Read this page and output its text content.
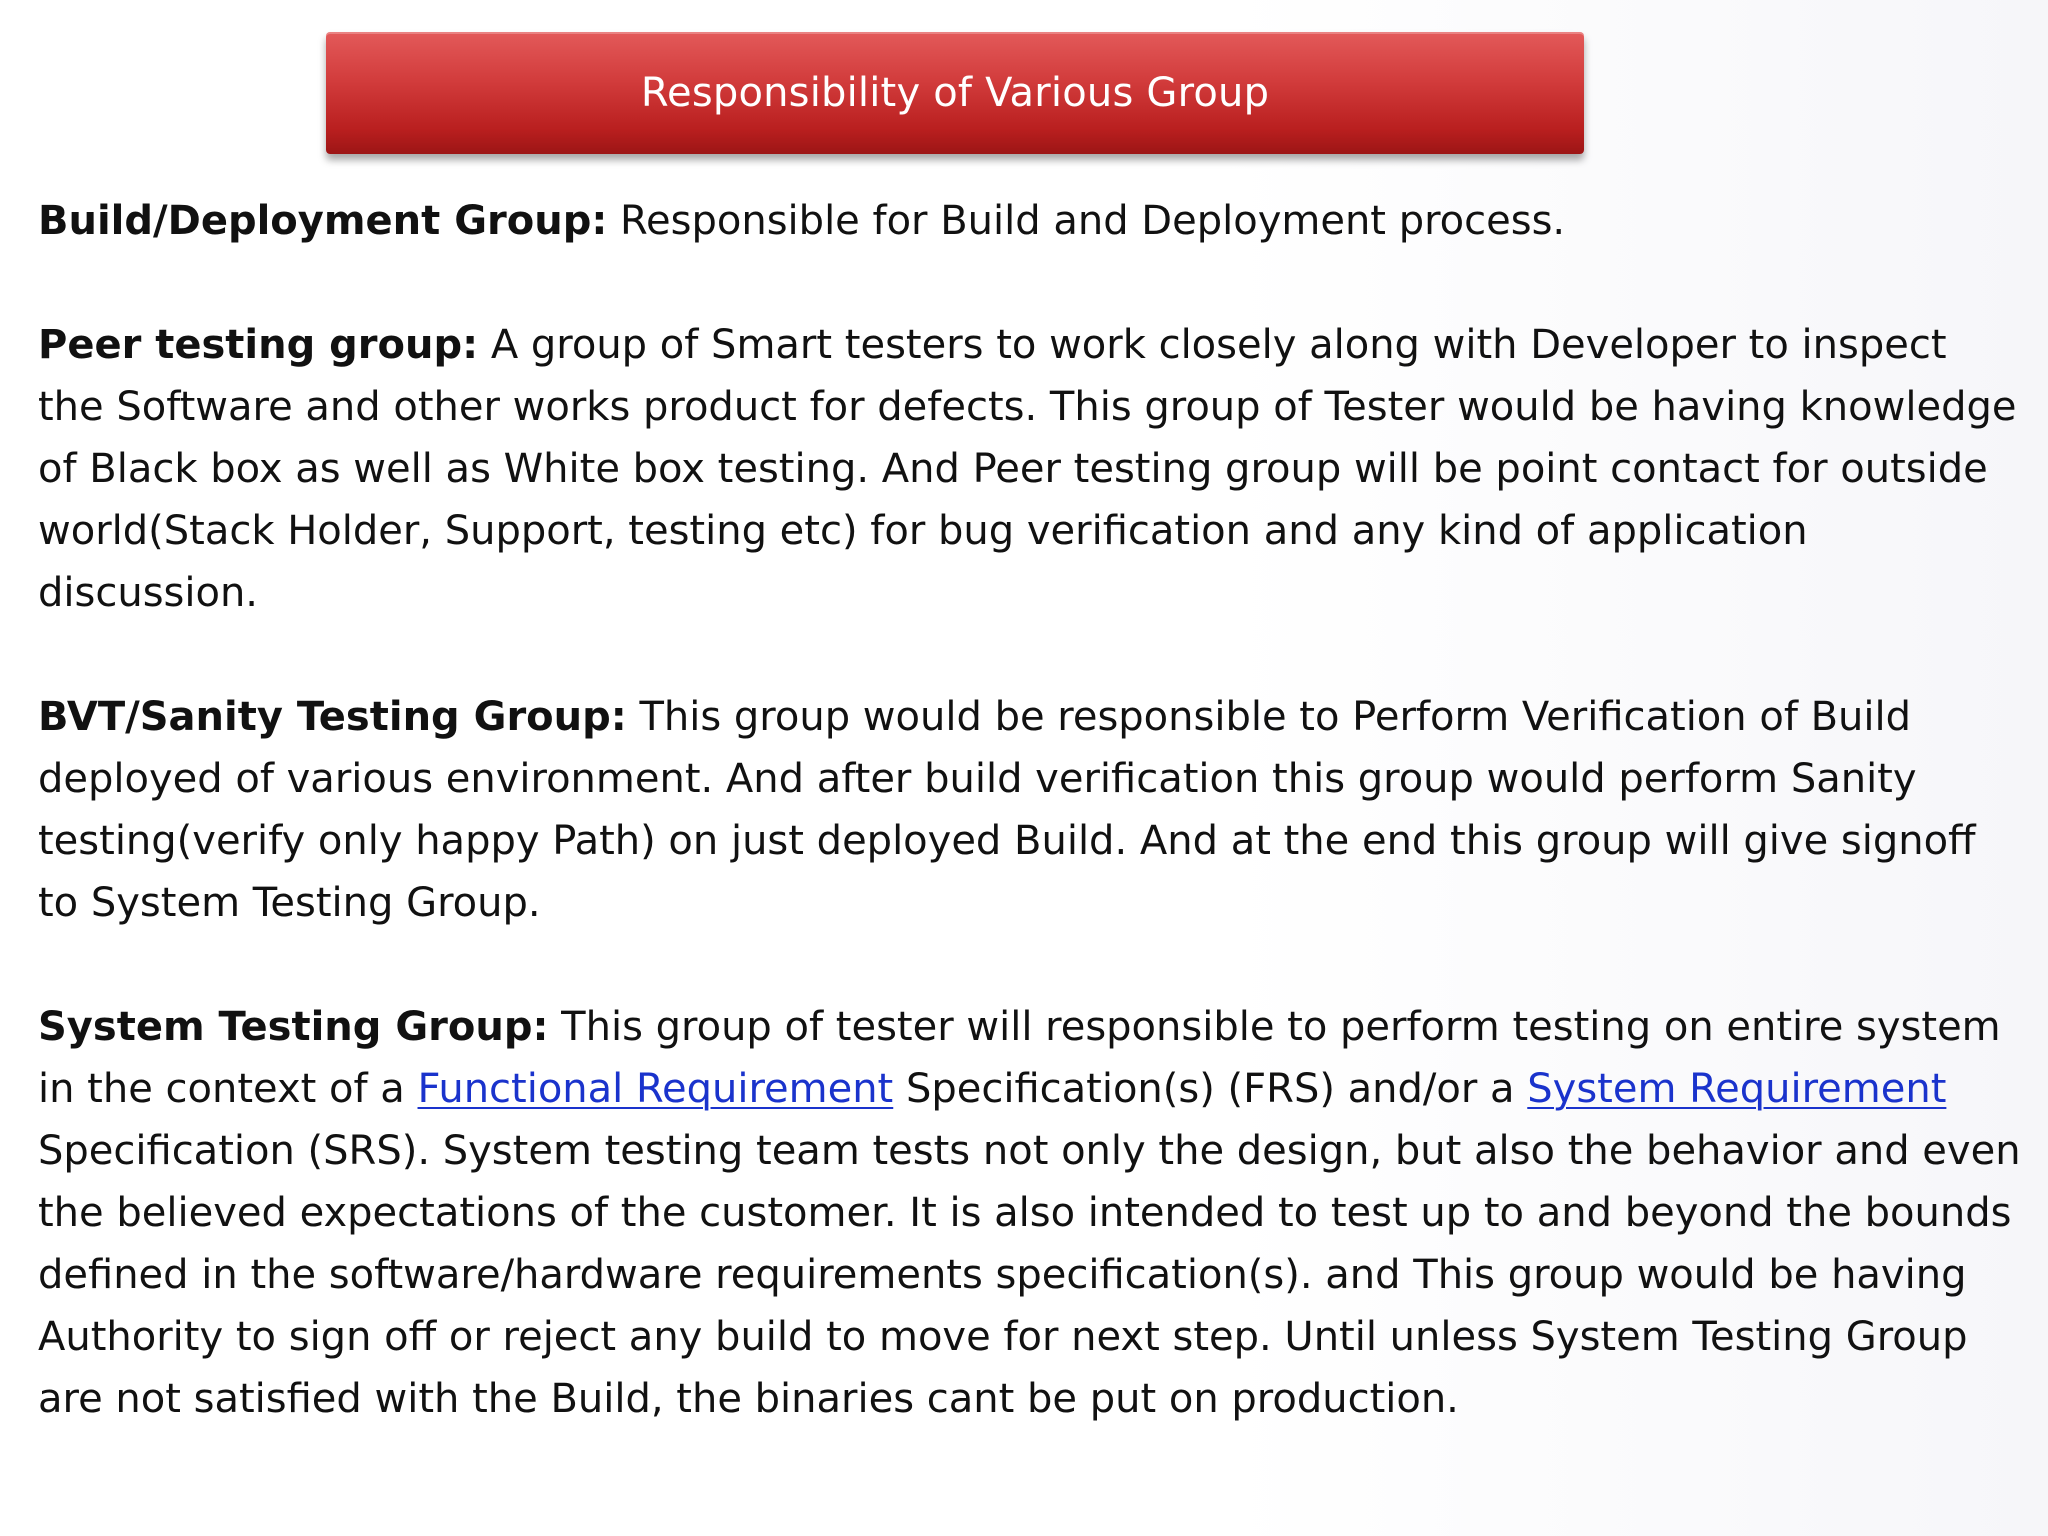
Responsibility of Various Group

Build/Deployment Group: Responsible for Build and Deployment process.

Peer testing group: A group of Smart testers to work closely along with Developer to inspect the Software and other works product for defects. This group of Tester would be having knowledge of Black box as well as White box testing. And Peer testing group will be point contact for outside world(Stack Holder, Support, testing etc) for bug verification and any kind of application discussion.

BVT/Sanity Testing Group: This group would be responsible to Perform Verification of Build deployed of various environment. And after build verification this group would perform Sanity testing(verify only happy Path) on just deployed Build. And at the end this group will give signoff to System Testing Group.

System Testing Group: This group of tester will responsible to perform testing on entire system in the context of a Functional Requirement Specification(s) (FRS) and/or a System Requirement Specification (SRS). System testing team tests not only the design, but also the behavior and even the believed expectations of the customer. It is also intended to test up to and beyond the bounds defined in the software/hardware requirements specification(s). and This group would be having Authority to sign off or reject any build to move for next step. Until unless System Testing Group are not satisfied with the Build, the binaries cant be put on production.
